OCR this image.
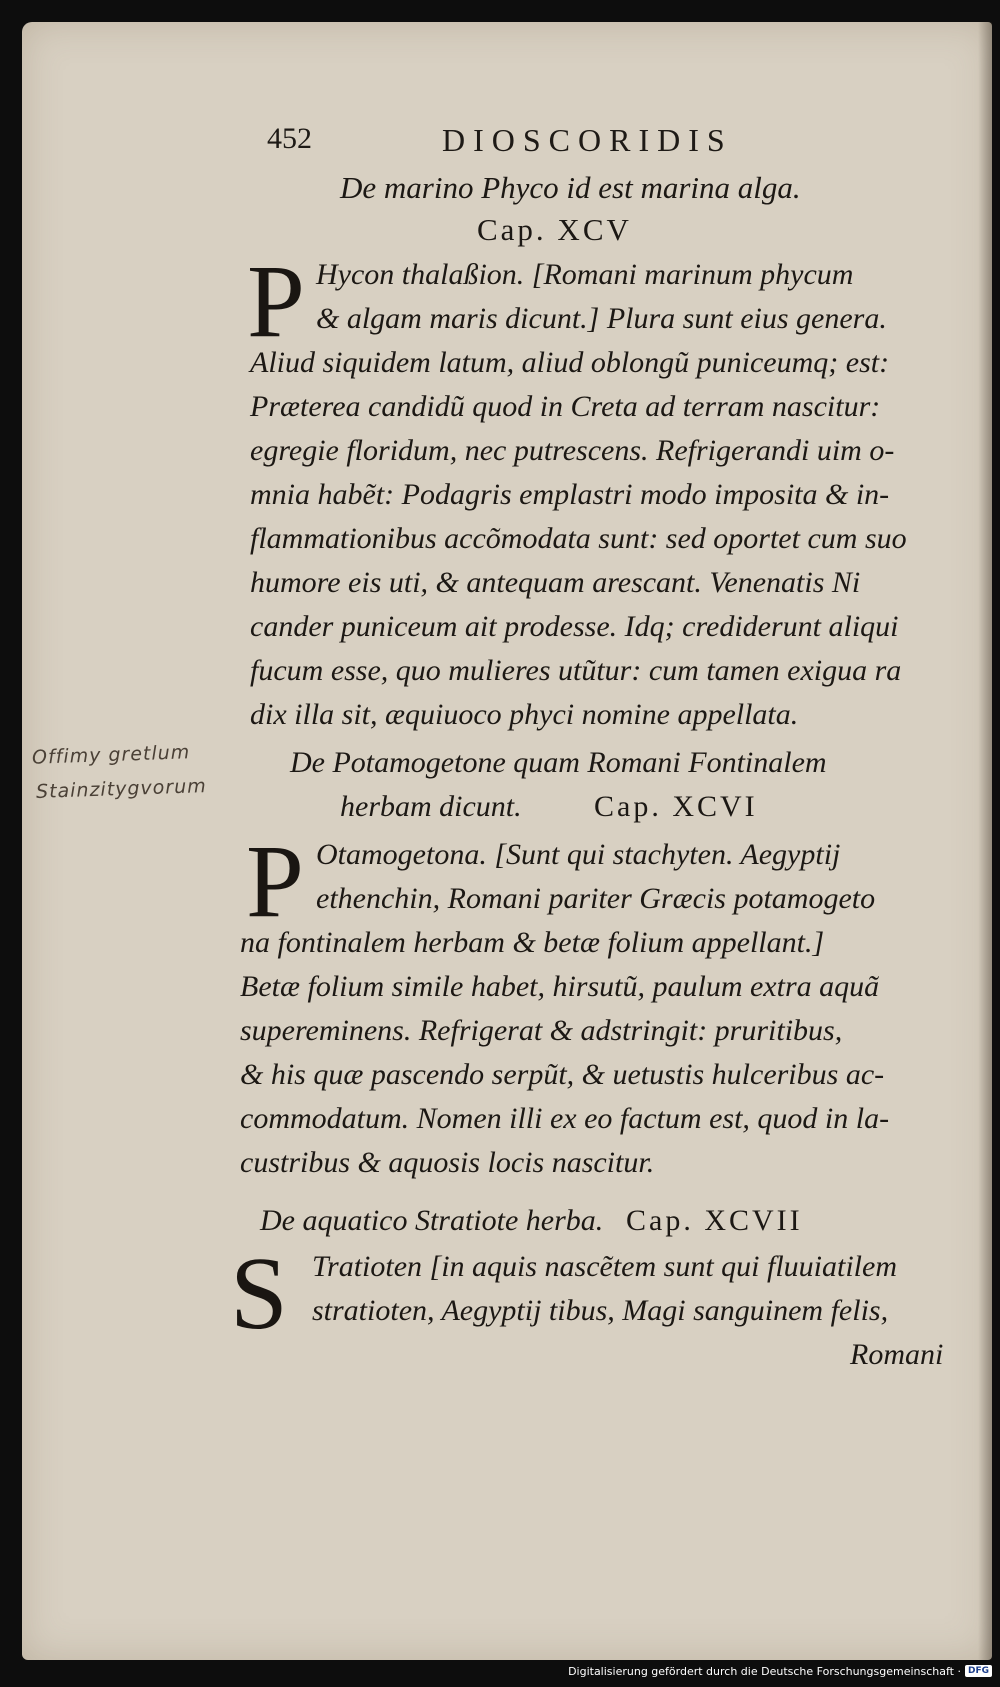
452	DIOSCORIDIS
De marino Phyco id est marina alga.
Cap. XCV
P Hycon thalaßion. [Romani marinum phycum
& algam maris dicunt.] Plura sunt eius genera.
Aliud siquidem latum, aliud oblongũ puniceumq; est:
Præterea candidũ quod in Creta ad terram nascitur:
egregie floridum, nec putrescens. Refrigerandi uim o-
mnia habẽt: Podagris emplastri modo imposita & in-
flammationibus accõmodata sunt: sed oportet cum suo
humore eis uti, & antequam arescant. Venenatis Ni
cander puniceum ait prodesse. Idq; crediderunt aliqui
fucum esse, quo mulieres utũtur: cum tamen exigua ra
dix illa sit, æquiuoco phyci nomine appellata.
Offimy gretlum
Stainzitygvorum
De Potamogetone quam Romani Fontinalem
herbam dicunt. Cap. XCVI
P Otamogetona. [Sunt qui stachyten. Aegyptij
ethenchin, Romani pariter Græcis potamogeto
na fontinalem herbam & betæ folium appellant.]
Betæ folium simile habet, hirsutũ, paulum extra aquã
supereminens. Refrigerat & adstringit: pruritibus,
& his quæ pascendo serpũt, & uetustis hulceribus ac-
commodatum. Nomen illi ex eo factum est, quod in la-
custribus & aquosis locis nascitur.
De aquatico Stratiote herba. Cap. XCVII
S Tratioten [in aquis nascẽtem sunt qui fluuiatilem
stratioten, Aegyptij tibus, Magi sanguinem felis,
Romani
Digitalisierung gefördert durch die Deutsche Forschungsgemeinschaft · DFG
